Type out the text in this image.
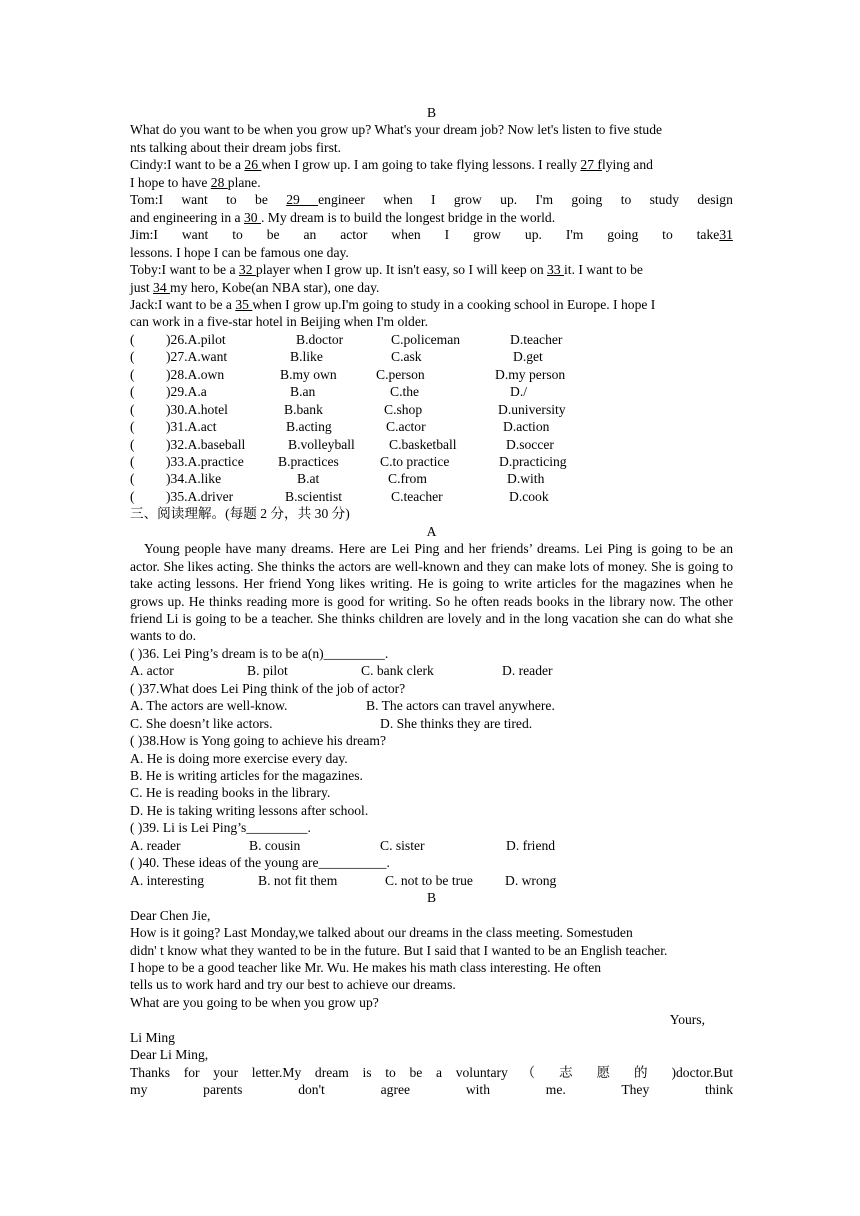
B
What do you want to be when you grow up? What's your dream job? Now let's listen to five stude
nts talking about their dream jobs first.
Cindy:I want to be a 26 when I grow up. I am going to take flying lessons. I really 27 flying and
I hope to have 28 plane.
Tom:I want to be 29 engineer when I grow up. I'm going to study design
and engineering in a 30 . My dream is to build the longest bridge in the world.
Jim:I want to be an actor when I grow up. I'm going to take31
lessons. I hope I can be famous one day.
Toby:I want to be a 32 player when I grow up. It isn't easy, so I will keep on 33 it. I want to be
just 34 my hero, Kobe(an NBA star), one day.
Jack:I want to be a 35 when I grow up.I'm going to study in a cooking school in Europe. I hope I
can work in a five-star hotel in Beijing when I'm older.
( )26.A.pilot	B.doctor	C.policeman	D.teacher
( )27.A.want	B.like	C.ask	D.get
( )28.A.own	B.my own	C.person	D.my person
( )29.A.a	B.an	C.the	D./
( )30.A.hotel	B.bank	C.shop	D.university
( )31.A.act	B.acting	C.actor	D.action
( )32.A.baseball	B.volleyball	C.basketball	D.soccer
( )33.A.practice	B.practices	C.to practice	D.practicing
( )34.A.like	B.at	C.from	D.with
( )35.A.driver	B.scientist	C.teacher	D.cook
三、阅读理解。(每题 2 分，共 30 分)
A
Young people have many dreams. Here are Lei Ping and her friends’ dreams. Lei Ping is going to be an actor. She likes acting. She thinks the actors are well-known and they can make lots of money. She is going to take acting lessons. Her friend Yong likes writing. He is going to write articles for the magazines when he grows up. He thinks reading more is good for writing. So he often reads books in the library now. The other friend Li is going to be a teacher. She thinks children are lovely and in the long vacation she can do what she wants to do.
( )36. Lei Ping’s dream is to be a(n)_________.
A. actor	B. pilot	C. bank clerk	D. reader
( )37.What does Lei Ping think of the job of actor?
A. The actors are well-know.	B. The actors can travel anywhere.
C. She doesn’t like actors.	D. She thinks they are tired.
( )38.How is Yong going to achieve his dream?
A. He is doing more exercise every day.
B. He is writing articles for the magazines.
C. He is reading books in the library.
D. He is taking writing lessons after school.
( )39. Li is Lei Ping’s_________.
A. reader	B. cousin	C. sister	D. friend
( )40. These ideas of the young are__________.
A. interesting	B. not fit them	C. not to be true D. wrong
B
Dear Chen Jie,
How is it going? Last Monday,we talked about our dreams in the class meeting. Somestuden
didn' t know what they wanted to be in the future. But I said that I wanted to be an English teacher.
I hope to be a good teacher like Mr. Wu. He makes his math class interesting. He often
tells us to work hard and try our best to achieve our dreams.
What are you going to be when you grow up?
Yours,
Li Ming
Dear Li Ming,
Thanks for your letter.My dream is to be a voluntary （ 志 愿 的 )doctor.But
my	parents	don't	agree	with	me.	They	think
